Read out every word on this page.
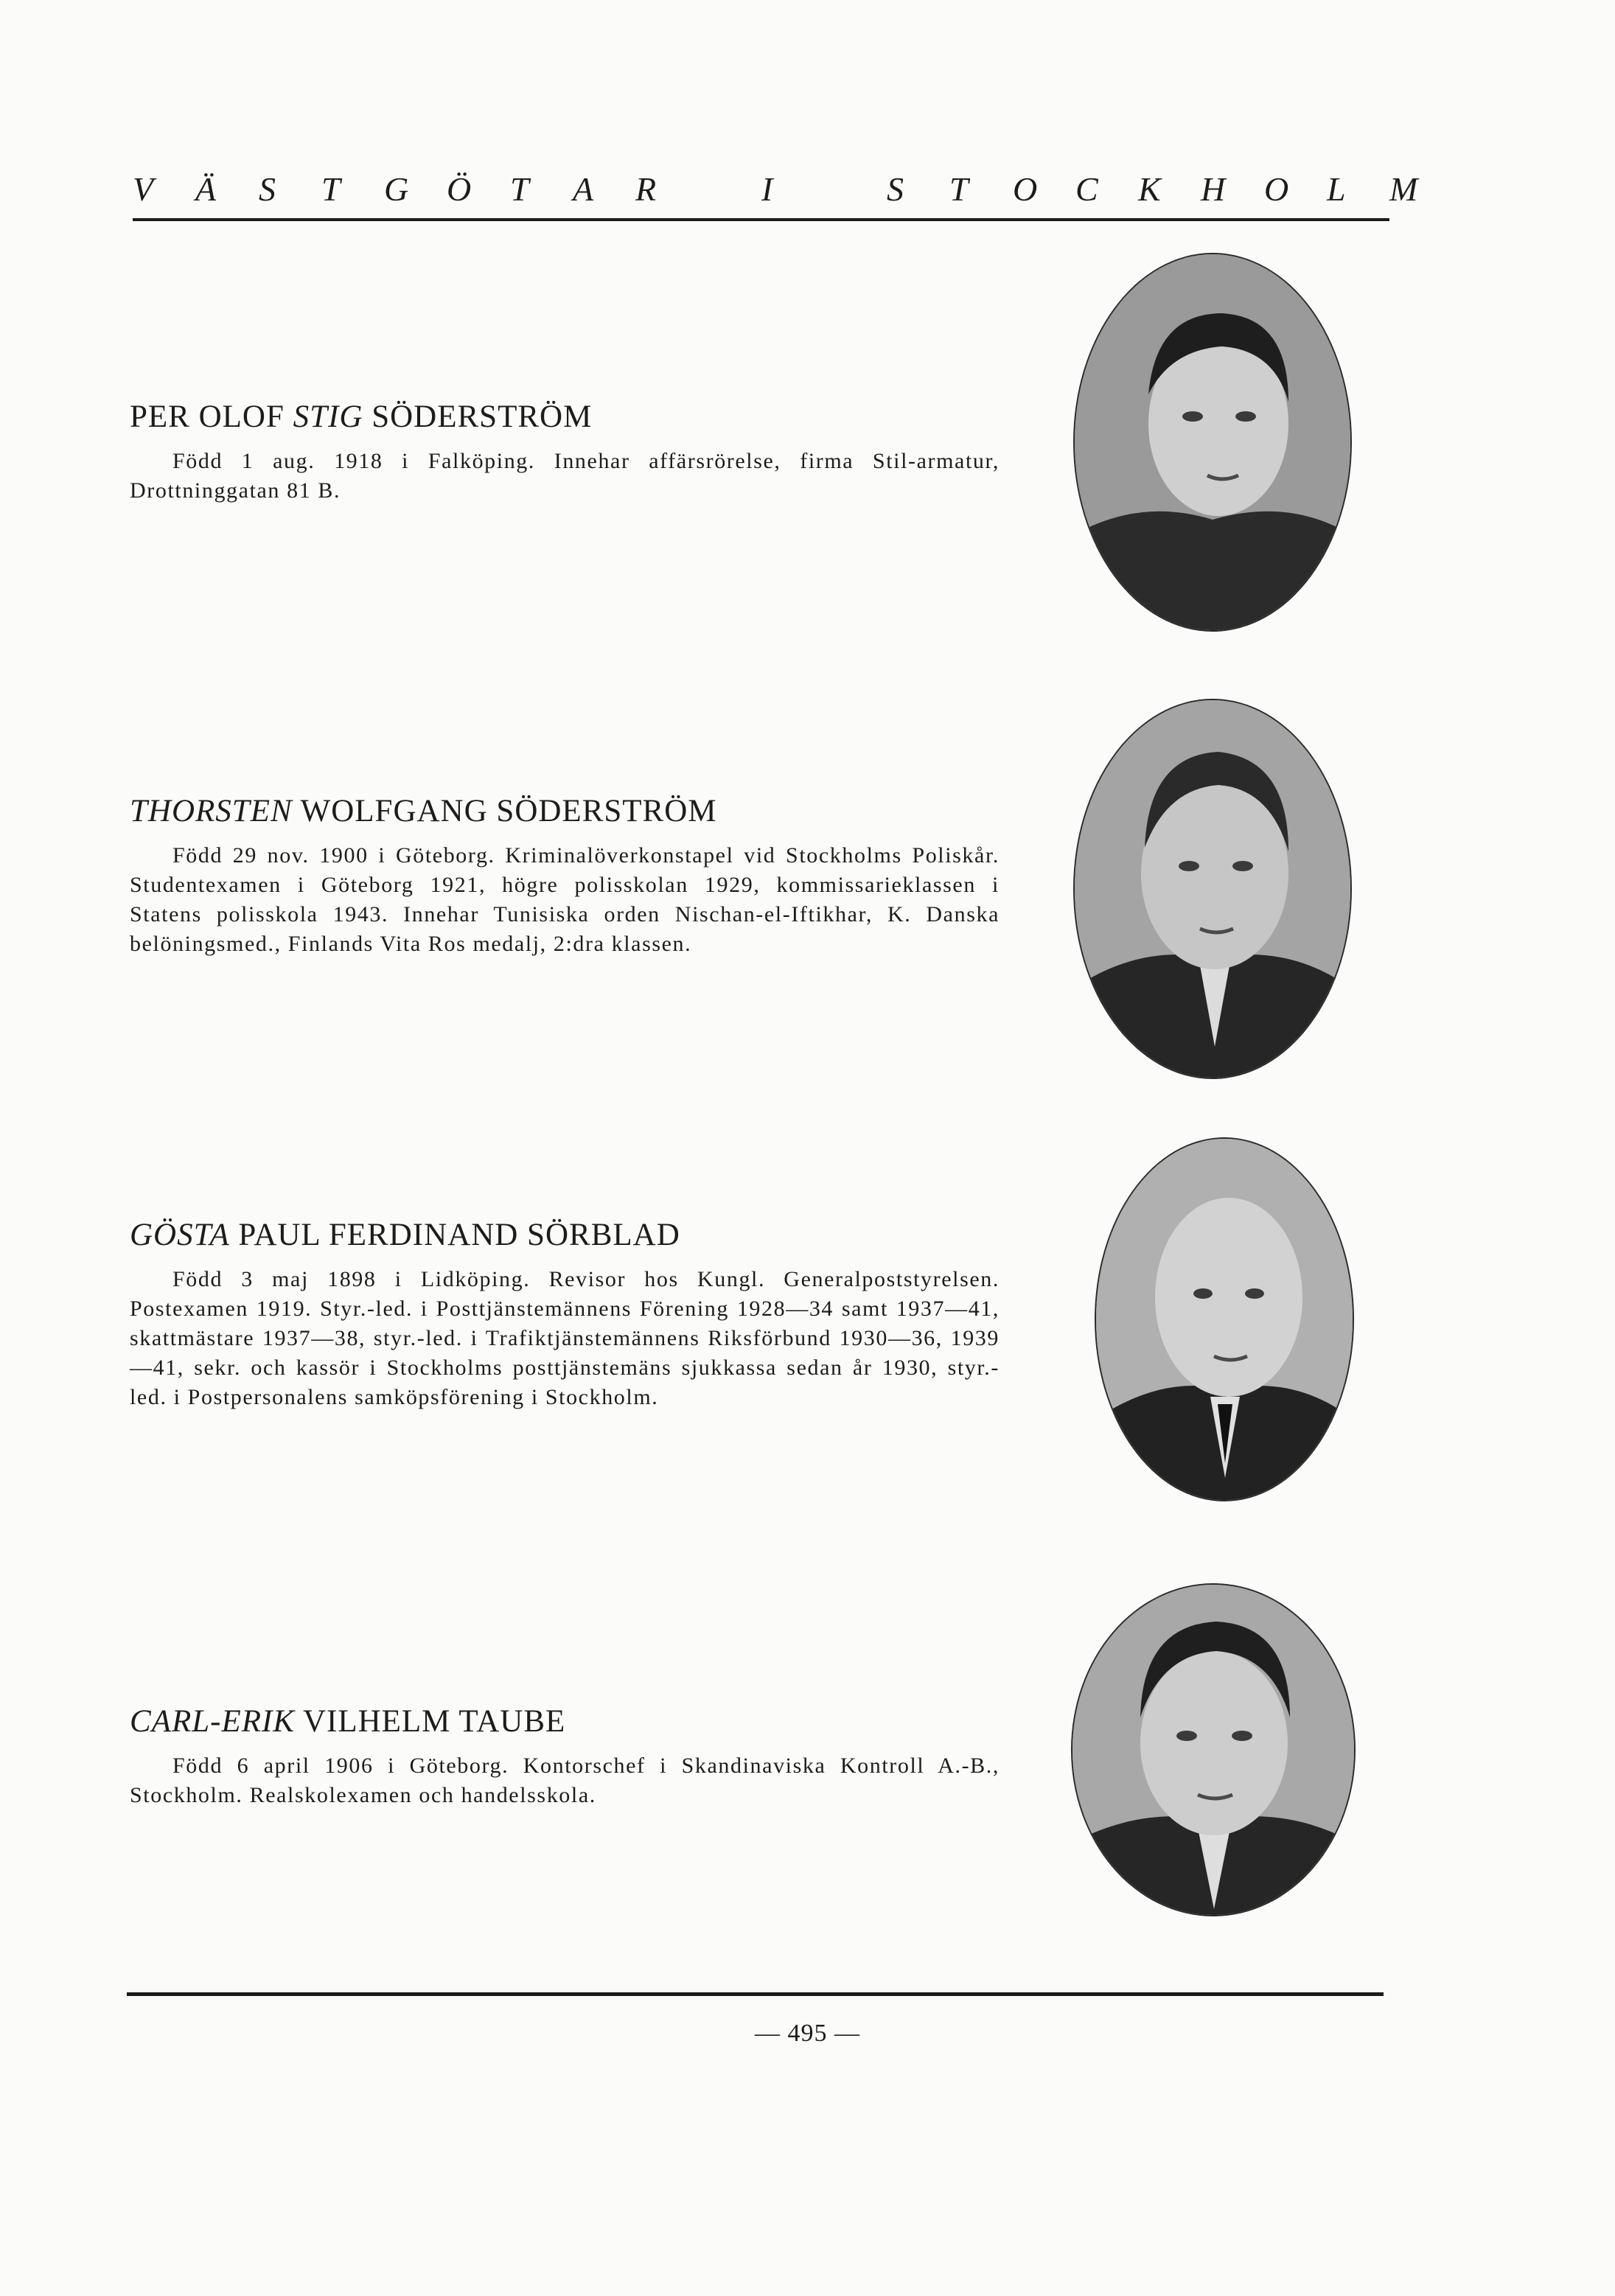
V Ä S T G Ö T A R	I	S T O C K H O L M
PER OLOF STIG SÖDERSTRÖM

Född 1 aug. 1918 i Falköping. Innehar affärsrörelse, firma Stil-armatur, Drottninggatan 81 B.

THORSTEN WOLFGANG SÖDERSTRÖM

Född 29 nov. 1900 i Göteborg. Kriminalöverkonstapel vid Stockholms Poliskår. Studentexamen i Göteborg 1921, högre polisskolan 1929, kommissarieklassen i Statens polisskola 1943. Innehar Tunisiska orden Nischan-el-Iftikhar, K. Danska belöningsmed., Finlands Vita Ros medalj, 2:dra klassen.

GÖSTA PAUL FERDINAND SÖRBLAD

Född 3 maj 1898 i Lidköping. Revisor hos Kungl. Generalpoststyrelsen. Postexamen 1919. Styr.-led. i Posttjänstemännens Förening 1928—34 samt 1937—41, skattmästare 1937—38, styr.-led. i Trafiktjänstemännens Riksförbund 1930—36, 1939—41, sekr. och kassör i Stockholms posttjänstemäns sjukkassa sedan år 1930, styr.-led. i Postpersonalens samköpsförening i Stockholm.

CARL-ERIK VILHELM TAUBE

Född 6 april 1906 i Göteborg. Kontorschef i Skandinaviska Kontroll A.-B., Stockholm. Realskolexamen och handelsskola.

— 495 —
